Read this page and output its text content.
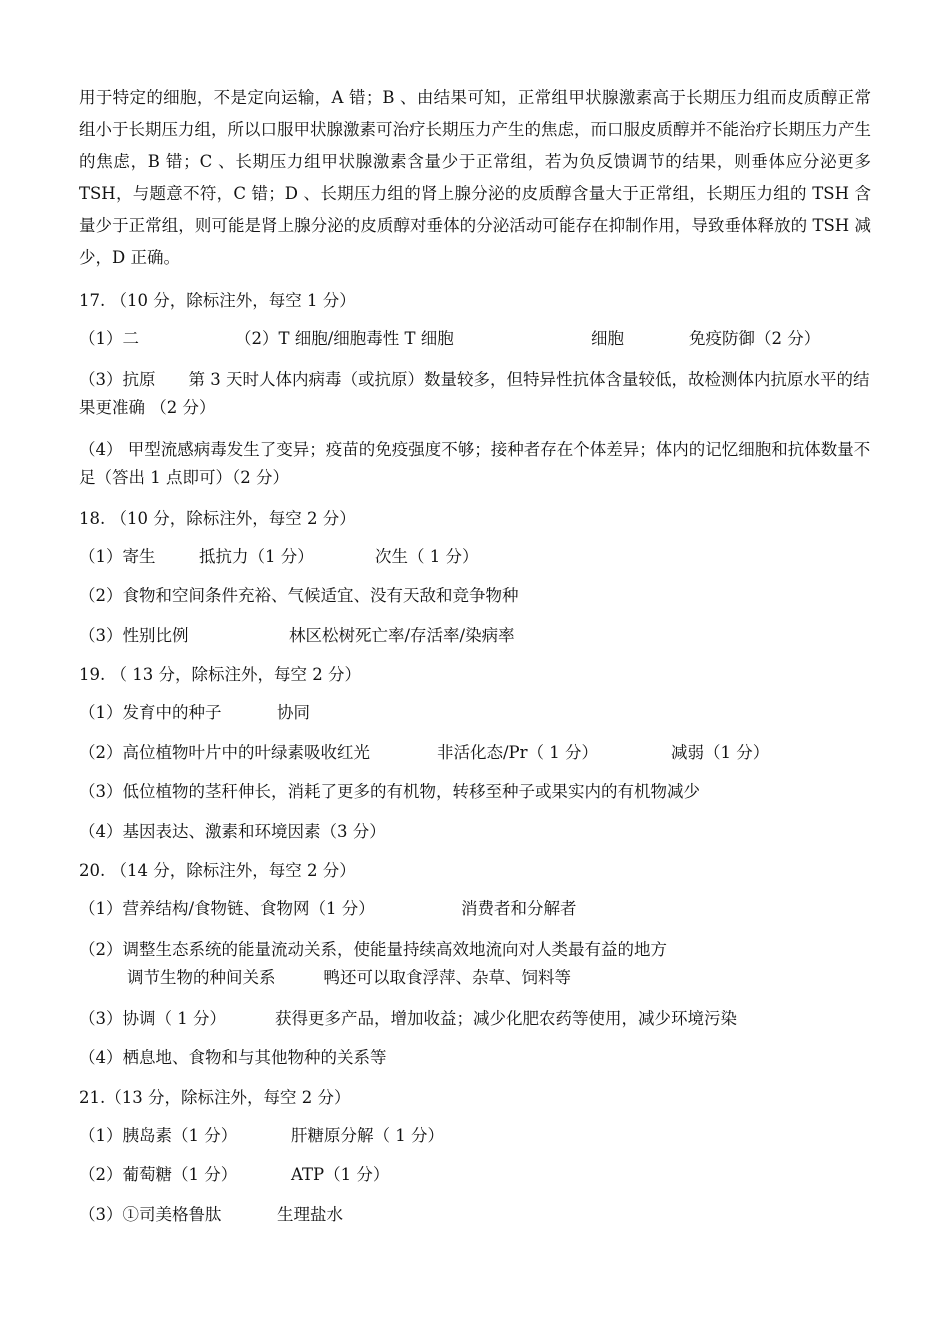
用于特定的细胞，不是定向运输，A 错；B 、由结果可知，正常组甲状腺激素高于长期压力组而皮质醇正常组小于长期压力组，所以口服甲状腺激素可治疗长期压力产生的焦虑，而口服皮质醇并不能治疗长期压力产生的焦虑，B 错；C 、长期压力组甲状腺激素含量少于正常组，若为负反馈调节的结果，则垂体应分泌更多 TSH，与题意不符，C 错；D 、长期压力组的肾上腺分泌的皮质醇含量大于正常组，长期压力组的 TSH 含量少于正常组，则可能是肾上腺分泌的皮质醇对垂体的分泌活动可能存在抑制作用，导致垂体释放的 TSH 减少，D 正确。

17. （10 分，除标注外，每空 1 分）
（1）二	（2）T 细胞/细胞毒性 T 细胞	细胞	免疫防御（2 分）
（3）抗原　　第 3 天时人体内病毒（或抗原）数量较多，但特异性抗体含量较低，故检测体内抗原水平的结果更准确 （2 分）
（4） 甲型流感病毒发生了变异；疫苗的免疫强度不够；接种者存在个体差异；体内的记忆细胞和抗体数量不足（答出 1 点即可）（2 分）
18. （10 分，除标注外，每空 2 分）
（1）寄生	抵抗力（1 分）	次生（ 1 分）
（2）食物和空间条件充裕、气候适宜、没有天敌和竞争物种
（3）性别比例	林区松树死亡率/存活率/染病率
19. （ 13 分，除标注外，每空 2 分）
（1）发育中的种子	协同
（2）高位植物叶片中的叶绿素吸收红光	非活化态/Pr（ 1 分）	减弱（1 分）
（3）低位植物的茎秆伸长，消耗了更多的有机物，转移至种子或果实内的有机物减少
（4）基因表达、激素和环境因素（3 分）
20. （14 分，除标注外，每空 2 分）
（1）营养结构/食物链、食物网（1 分）	消费者和分解者
（2）调整生态系统的能量流动关系，使能量持续高效地流向对人类最有益的地方
调节生物的种间关系	鸭还可以取食浮萍、杂草、饲料等
（3）协调（ 1 分）	获得更多产品，增加收益；减少化肥农药等使用，减少环境污染
（4）栖息地、食物和与其他物种的关系等
21.（13 分，除标注外，每空 2 分）
（1）胰岛素（1 分）	肝糖原分解（ 1 分）
（2）葡萄糖（1 分）	ATP（1 分）
（3）①司美格鲁肽	生理盐水
